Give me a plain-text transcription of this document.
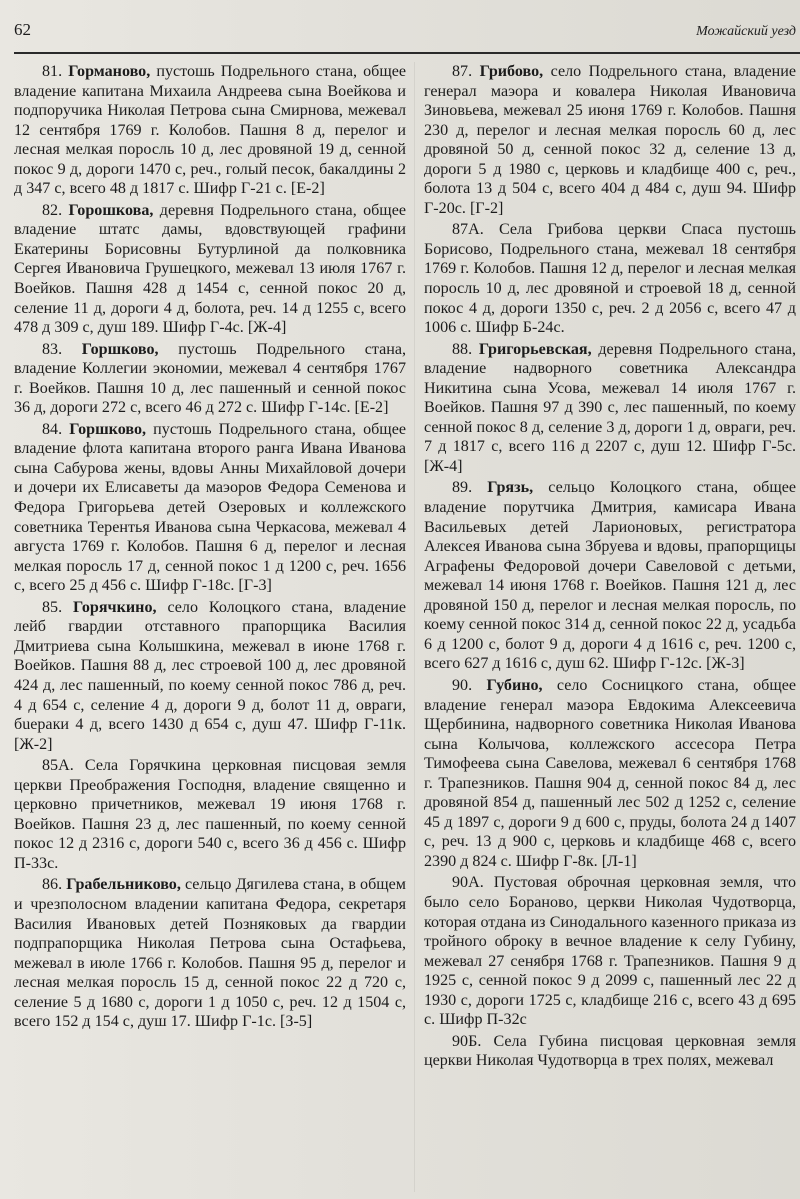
62	Можайский уезд

81. Горманово, пустошь Подрельного стана, общее владение капитана Михаила Андреева сына Воейкова и подпоручика Николая Петрова сына Смирнова, межевал 12 сентября 1769 г. Колобов. Пашня 8 д, перелог и лесная мелкая поросль 10 д, лес дровяной 19 д, сенной покос 9 д, дороги 1470 с, реч., голый песок, бакалдины 2 д 347 с, всего 48 д 1817 с. Шифр Г-21 с. [Е-2]

82. Горошкова, деревня Подрельного стана, общее владение штатс дамы, вдовствующей графини Екатерины Борисовны Бутурлиной да полковника Сергея Ивановича Грушецкого, межевал 13 июля 1767 г. Воейков. Пашня 428 д 1454 с, сенной покос 20 д, селение 11 д, дороги 4 д, болота, реч. 14 д 1255 с, всего 478 д 309 с, душ 189. Шифр Г-4с. [Ж-4]

83. Горшково, пустошь Подрельного стана, владение Коллегии экономии, межевал 4 сентября 1767 г. Воейков. Пашня 10 д, лес пашенный и сенной покос 36 д, дороги 272 с, всего 46 д 272 с. Шифр Г-14с. [Е-2]

84. Горшково, пустошь Подрельного стана, общее владение флота капитана второго ранга Ивана Иванова сына Сабурова жены, вдовы Анны Михайловой дочери и дочери их Елисаветы да маэоров Федора Семенова и Федора Григорьева детей Озеровых и коллежского советника Терентья Иванова сына Черкасова, межевал 4 августа 1769 г. Колобов. Пашня 6 д, перелог и лесная мелкая поросль 17 д, сенной покос 1 д 1200 с, реч. 1656 с, всего 25 д 456 с. Шифр Г-18с. [Г-3]

85. Горячкино, село Колоцкого стана, владение лейб гвардии отставного прапорщика Василия Дмитриева сына Колышкина, межевал в июне 1768 г. Воейков. Пашня 88 д, лес строевой 100 д, лес дровяной 424 д, лес пашенный, по коему сенной покос 786 д, реч. 4 д 654 с, селение 4 д, дороги 9 д, болот 11 д, овраги, бuераки 4 д, всего 1430 д 654 с, душ 47. Шифр Г-11к. [Ж-2]

85А. Села Горячкина церковная писцовая земля церкви Преображения Господня, владение священно и церковно причетников, межевал 19 июня 1768 г. Воейков. Пашня 23 д, лес пашенный, по коему сенной покос 12 д 2316 с, дороги 540 с, всего 36 д 456 с. Шифр П-33с.

86. Грабельниково, сельцо Дягилева стана, в общем и чрезполосном владении капитана Федора, секретаря Василия Ивановых детей Позняковых да гвардии подпрапорщика Николая Петрова сына Остафьева, межевал в июле 1766 г. Колобов. Пашня 95 д, перелог и лесная мелкая поросль 15 д, сенной покос 22 д 720 с, селение 5 д 1680 с, дороги 1 д 1050 с, реч. 12 д 1504 с, всего 152 д 154 с, душ 17. Шифр Г-1с. [З-5]

87. Грибово, село Подрельного стана, владение генерал маэора и ковалера Николая Ивановича Зиновьева, межевал 25 июня 1769 г. Колобов. Пашня 230 д, перелог и лесная мелкая поросль 60 д, лес дровяной 50 д, сенной покос 32 д, селение 13 д, дороги 5 д 1980 с, церковь и кладбище 400 с, реч., болота 13 д 504 с, всего 404 д 484 с, душ 94. Шифр Г-20с. [Г-2]

87А. Села Грибова церкви Спаса пустошь Борисово, Подрельного стана, межевал 18 сентября 1769 г. Колобов. Пашня 12 д, перелог и лесная мелкая поросль 10 д, лес дровяной и строевой 18 д, сенной покос 4 д, дороги 1350 с, реч. 2 д 2056 с, всего 47 д 1006 с. Шифр Б-24с.

88. Григорьевская, деревня Подрельного стана, владение надворного советника Александра Никитина сына Усова, межевал 14 июля 1767 г. Воейков. Пашня 97 д 390 с, лес пашенный, по коему сенной покос 8 д, селение 3 д, дороги 1 д, овраги, реч. 7 д 1817 с, всего 116 д 2207 с, душ 12. Шифр Г-5с. [Ж-4]

89. Грязь, сельцо Колоцкого стана, общее владение порутчика Дмитрия, камисара Ивана Васильевых детей Ларионовых, регистратора Алексея Иванова сына Збруева и вдовы, прапорщицы Аграфены Федоровой дочери Савеловой с детьми, межевал 14 июня 1768 г. Воейков. Пашня 121 д, лес дровяной 150 д, перелог и лесная мелкая поросль, по коему сенной покос 314 д, сенной покос 22 д, усадьба 6 д 1200 с, болот 9 д, дороги 4 д 1616 с, реч. 1200 с, всего 627 д 1616 с, душ 62. Шифр Г-12с. [Ж-3]

90. Губино, село Сосницкого стана, общее владение генерал маэора Евдокима Алексеевича Щербинина, надворного советника Николая Иванова сына Колычова, коллежского ассесора Петра Тимофеева сына Савелова, межевал 6 сентября 1768 г. Трапезников. Пашня 904 д, сенной покос 84 д, лес дровяной 854 д, пашенный лес 502 д 1252 с, селение 45 д 1897 с, дороги 9 д 600 с, пруды, болота 24 д 1407 с, реч. 13 д 900 с, церковь и кладбище 468 с, всего 2390 д 824 с. Шифр Г-8к. [Л-1]

90А. Пустовая оброчная церковная земля, что было село Бораново, церкви Николая Чудотворца, которая отдана из Синодального казенного приказа из тройного оброку в вечное владение к селу Губину, межевал 27 сенября 1768 г. Трапезников. Пашня 9 д 1925 с, сенной покос 9 д 2099 с, пашенный лес 22 д 1930 с, дороги 1725 с, кладбище 216 с, всего 43 д 695 с. Шифр П-32с

90Б. Села Губина писцовая церковная земля церкви Николая Чудотворца в трех полях, межевал
